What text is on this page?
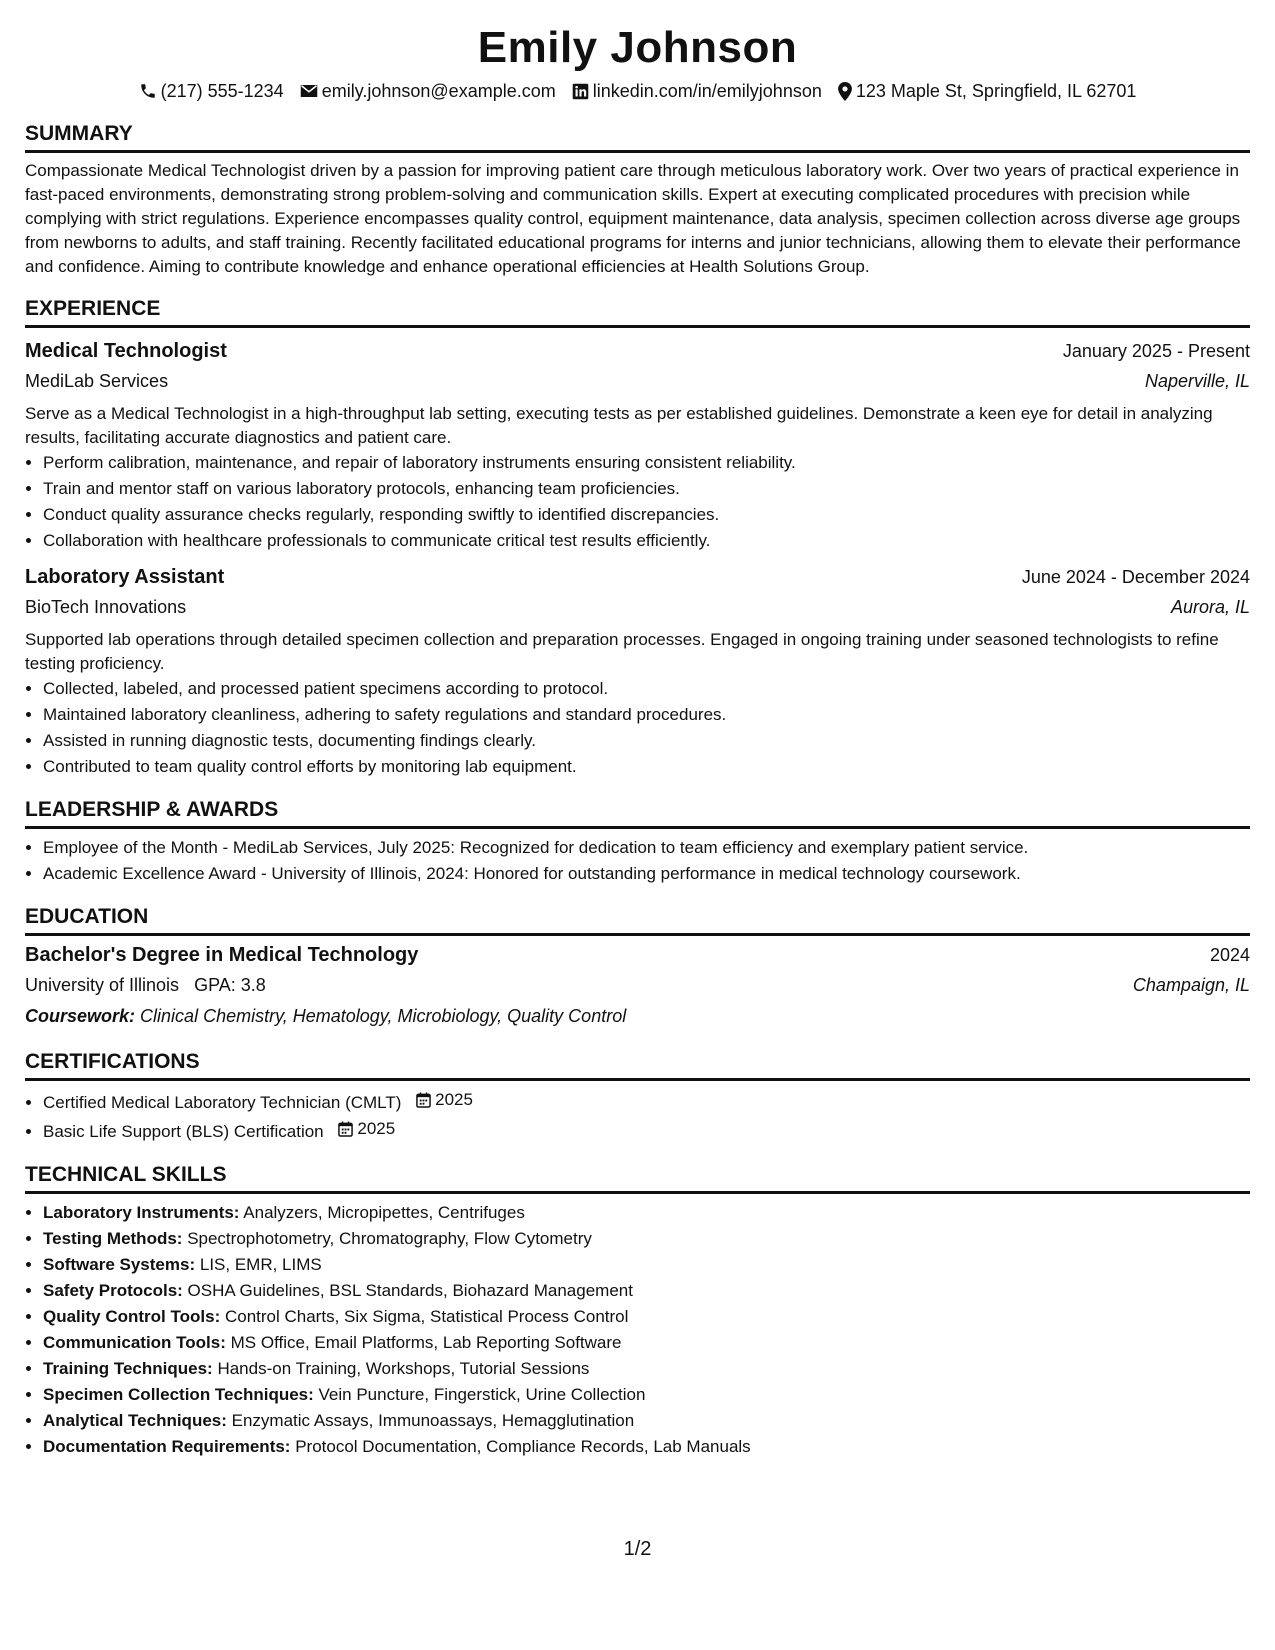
Emily Johnson
(217) 555-1234 emily.johnson@example.com linkedin.com/in/emilyjohnson 123 Maple St, Springfield, IL 62701
SUMMARY
Compassionate Medical Technologist driven by a passion for improving patient care through meticulous laboratory work. Over two years of practical experience in fast-paced environments, demonstrating strong problem-solving and communication skills. Expert at executing complicated procedures with precision while complying with strict regulations. Experience encompasses quality control, equipment maintenance, data analysis, specimen collection across diverse age groups from newborns to adults, and staff training. Recently facilitated educational programs for interns and junior technicians, allowing them to elevate their performance and confidence. Aiming to contribute knowledge and enhance operational efficiencies at Health Solutions Group.
EXPERIENCE
Medical Technologist	January 2025 - Present
MediLab Services	Naperville, IL
Serve as a Medical Technologist in a high-throughput lab setting, executing tests as per established guidelines. Demonstrate a keen eye for detail in analyzing results, facilitating accurate diagnostics and patient care.
• Perform calibration, maintenance, and repair of laboratory instruments ensuring consistent reliability.
• Train and mentor staff on various laboratory protocols, enhancing team proficiencies.
• Conduct quality assurance checks regularly, responding swiftly to identified discrepancies.
• Collaboration with healthcare professionals to communicate critical test results efficiently.
Laboratory Assistant	June 2024 - December 2024
BioTech Innovations	Aurora, IL
Supported lab operations through detailed specimen collection and preparation processes. Engaged in ongoing training under seasoned technologists to refine testing proficiency.
• Collected, labeled, and processed patient specimens according to protocol.
• Maintained laboratory cleanliness, adhering to safety regulations and standard procedures.
• Assisted in running diagnostic tests, documenting findings clearly.
• Contributed to team quality control efforts by monitoring lab equipment.
LEADERSHIP & AWARDS
• Employee of the Month - MediLab Services, July 2025: Recognized for dedication to team efficiency and exemplary patient service.
• Academic Excellence Award - University of Illinois, 2024: Honored for outstanding performance in medical technology coursework.
EDUCATION
Bachelor's Degree in Medical Technology	2024
University of Illinois GPA: 3.8	Champaign, IL
Coursework: Clinical Chemistry, Hematology, Microbiology, Quality Control
CERTIFICATIONS
• Certified Medical Laboratory Technician (CMLT) 2025
• Basic Life Support (BLS) Certification 2025
TECHNICAL SKILLS
• Laboratory Instruments: Analyzers, Micropipettes, Centrifuges
• Testing Methods: Spectrophotometry, Chromatography, Flow Cytometry
• Software Systems: LIS, EMR, LIMS
• Safety Protocols: OSHA Guidelines, BSL Standards, Biohazard Management
• Quality Control Tools: Control Charts, Six Sigma, Statistical Process Control
• Communication Tools: MS Office, Email Platforms, Lab Reporting Software
• Training Techniques: Hands-on Training, Workshops, Tutorial Sessions
• Specimen Collection Techniques: Vein Puncture, Fingerstick, Urine Collection
• Analytical Techniques: Enzymatic Assays, Immunoassays, Hemagglutination
• Documentation Requirements: Protocol Documentation, Compliance Records, Lab Manuals
1/2
